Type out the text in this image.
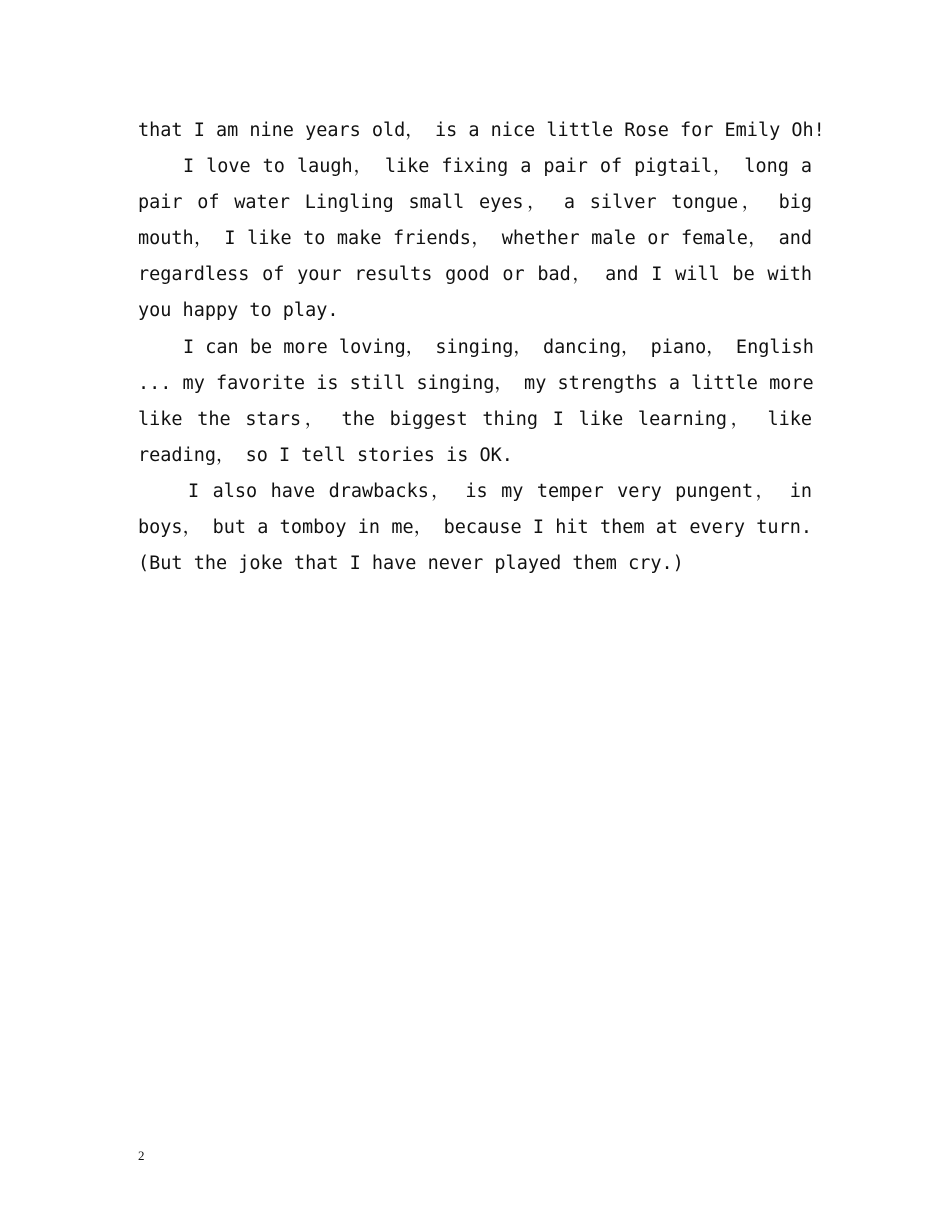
that I am nine years old， is a nice little Rose for Emily Oh!
I love to laugh， like fixing a pair of pigtail， long a
pair of water Lingling small eyes， a silver tongue， big
mouth， I like to make friends， whether male or female， and
regardless of your results good or bad， and I will be with
you happy to play.
I can be more loving， singing， dancing， piano， English
... my favorite is still singing， my strengths a little more
like the stars， the biggest thing I like learning， like
reading， so I tell stories is OK.
I also have drawbacks， is my temper very pungent， in
boys， but a tomboy in me， because I hit them at every turn.
(But the joke that I have never played them cry.)
2
